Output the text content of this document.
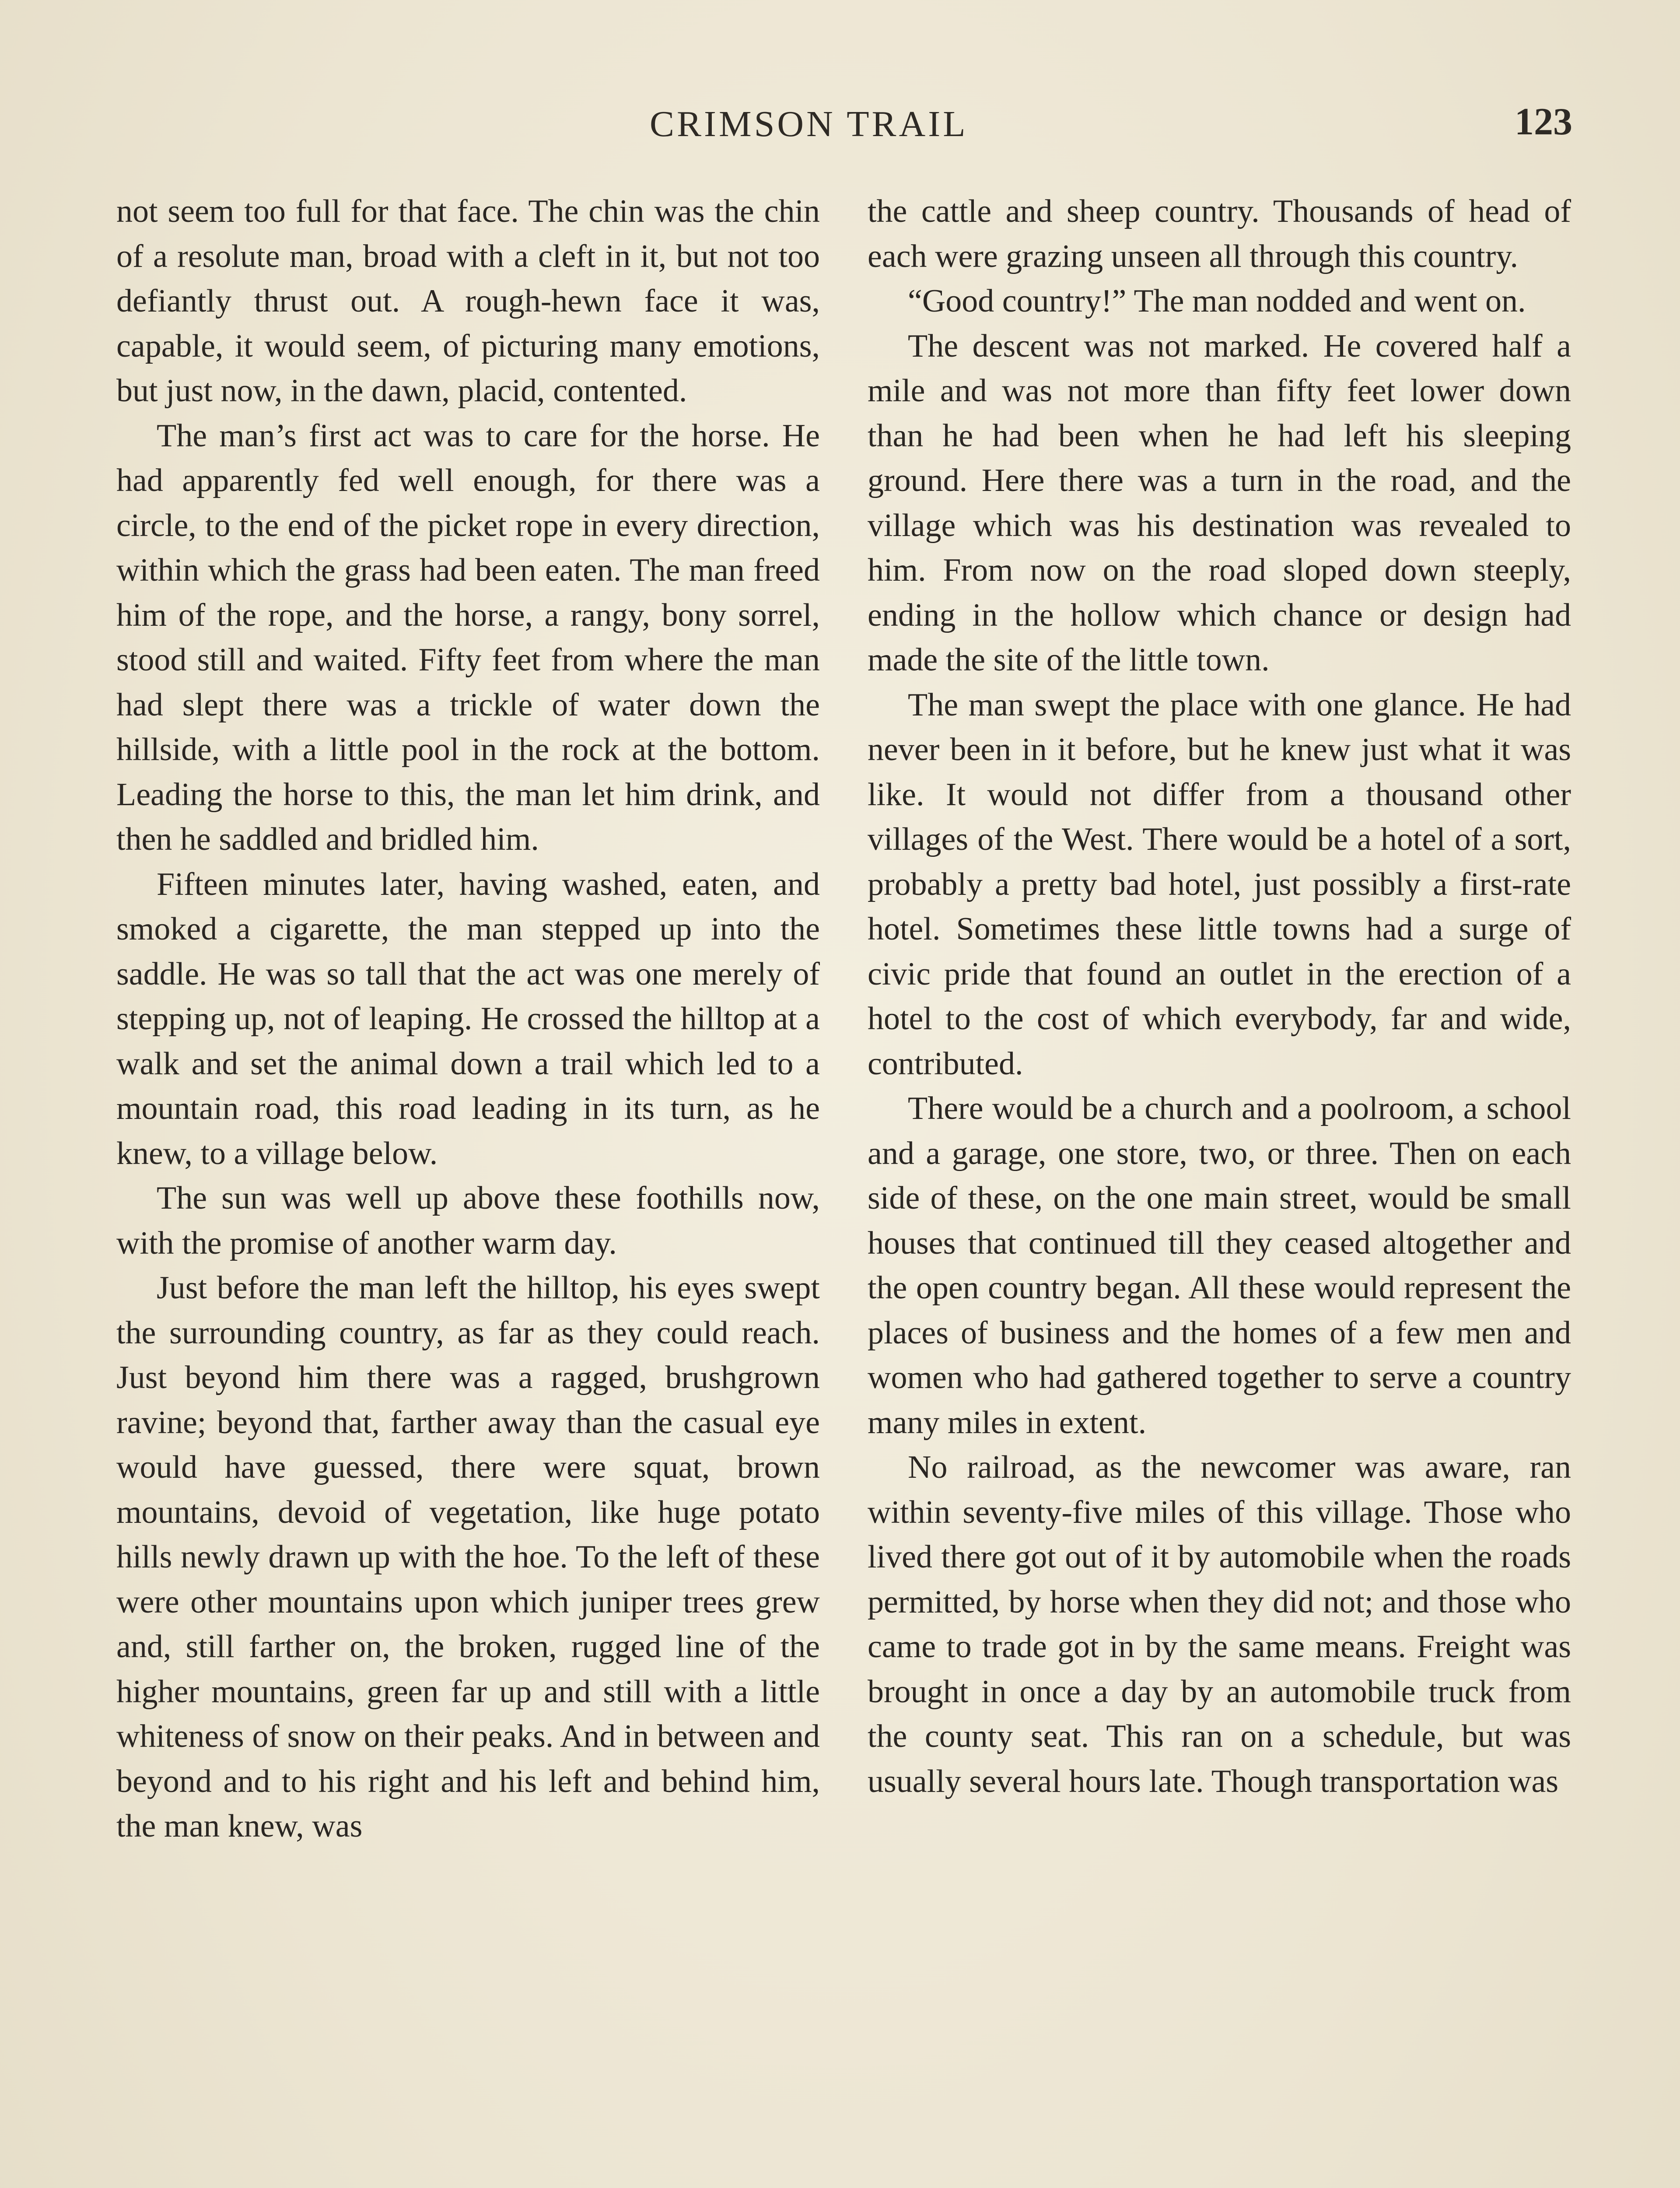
CRIMSON TRAIL	123

not seem too full for that face. The chin was the chin of a resolute man, broad with a cleft in it, but not too defiantly thrust out. A rough-hewn face it was, capable, it would seem, of picturing many emotions, but just now, in the dawn, placid, contented.

The man’s first act was to care for the horse. He had apparently fed well enough, for there was a circle, to the end of the picket rope in every direction, within which the grass had been eaten. The man freed him of the rope, and the horse, a rangy, bony sorrel, stood still and waited. Fifty feet from where the man had slept there was a trickle of water down the hillside, with a little pool in the rock at the bottom. Leading the horse to this, the man let him drink, and then he saddled and bridled him.

Fifteen minutes later, having washed, eaten, and smoked a cigarette, the man stepped up into the saddle. He was so tall that the act was one merely of stepping up, not of leaping. He crossed the hilltop at a walk and set the animal down a trail which led to a mountain road, this road leading in its turn, as he knew, to a village below.

The sun was well up above these foothills now, with the promise of another warm day.

Just before the man left the hilltop, his eyes swept the surrounding country, as far as they could reach. Just beyond him there was a ragged, brushgrown ravine; beyond that, farther away than the casual eye would have guessed, there were squat, brown mountains, devoid of vegetation, like huge potato hills newly drawn up with the hoe. To the left of these were other mountains upon which juniper trees grew and, still farther on, the broken, rugged line of the higher mountains, green far up and still with a little whiteness of snow on their peaks. And in between and beyond and to his right and his left and behind him, the man knew, was

the cattle and sheep country. Thousands of head of each were grazing unseen all through this country.

“Good country!” The man nodded and went on.

The descent was not marked. He covered half a mile and was not more than fifty feet lower down than he had been when he had left his sleeping ground. Here there was a turn in the road, and the village which was his destination was revealed to him. From now on the road sloped down steeply, ending in the hollow which chance or design had made the site of the little town.

The man swept the place with one glance. He had never been in it before, but he knew just what it was like. It would not differ from a thousand other villages of the West. There would be a hotel of a sort, probably a pretty bad hotel, just possibly a first-rate hotel. Sometimes these little towns had a surge of civic pride that found an outlet in the erection of a hotel to the cost of which everybody, far and wide, contributed.

There would be a church and a poolroom, a school and a garage, one store, two, or three. Then on each side of these, on the one main street, would be small houses that continued till they ceased altogether and the open country began. All these would represent the places of business and the homes of a few men and women who had gathered together to serve a country many miles in extent.

No railroad, as the newcomer was aware, ran within seventy-five miles of this village. Those who lived there got out of it by automobile when the roads permitted, by horse when they did not; and those who came to trade got in by the same means. Freight was brought in once a day by an automobile truck from the county seat. This ran on a schedule, but was usually several hours late. Though transportation was
